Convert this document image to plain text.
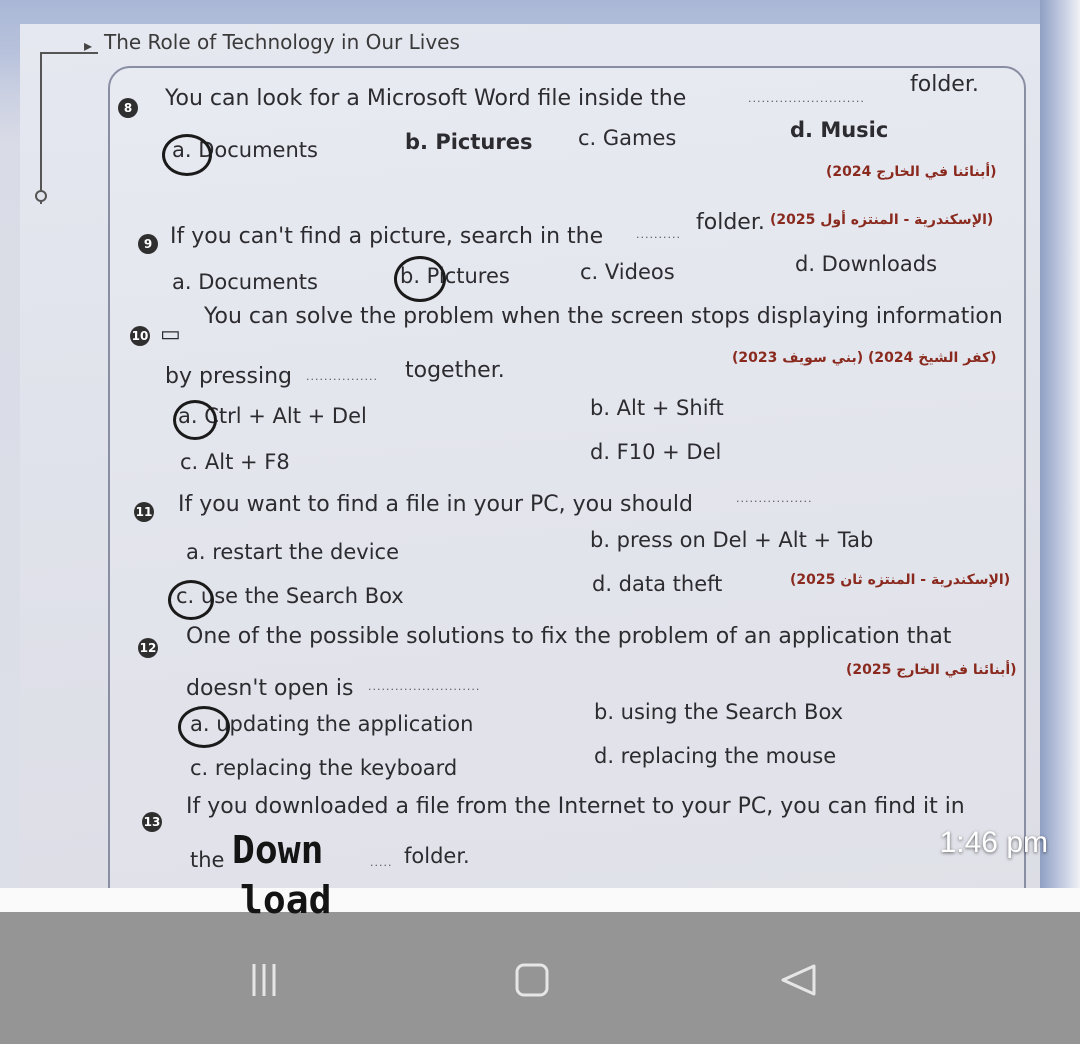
▸ The Role of Technology in Our Lives
8 You can look for a Microsoft Word file inside the	..........................
folder.
a. Documents	b. Pictures c. Games	d. Music
(أبنائنا في الخارج 2024)
9 If you can't find a picture, search in the	.......... folder. (الإسكندرية - المنتزه أول 2025)
a. Documents	b. Pictures	c. Videos	d. Downloads
10 ▭
You can solve the problem when the screen stops displaying information
by pressing ................ together.	(كفر الشيخ 2024) (بني سويف 2023)
a. Ctrl + Alt + Del	b. Alt + Shift
c. Alt + F8	d. F10 + Del
11 If you want to find a file in your PC, you should	.................
a. restart the device	b. press on Del + Alt + Tab
c. use the Search Box	d. data theft	(الإسكندرية - المنتزه ثان 2025)
12 One of the possible solutions to fix the problem of an application that
doesn't open is .........................
(أبنائنا في الخارج 2025)
a. updating the application	b. using the Search Box
c. replacing the keyboard	d. replacing the mouse
13
If you downloaded a file from the Internet to your PC, you can find it in
the	..... folder.
Down	1:46 pm
load
